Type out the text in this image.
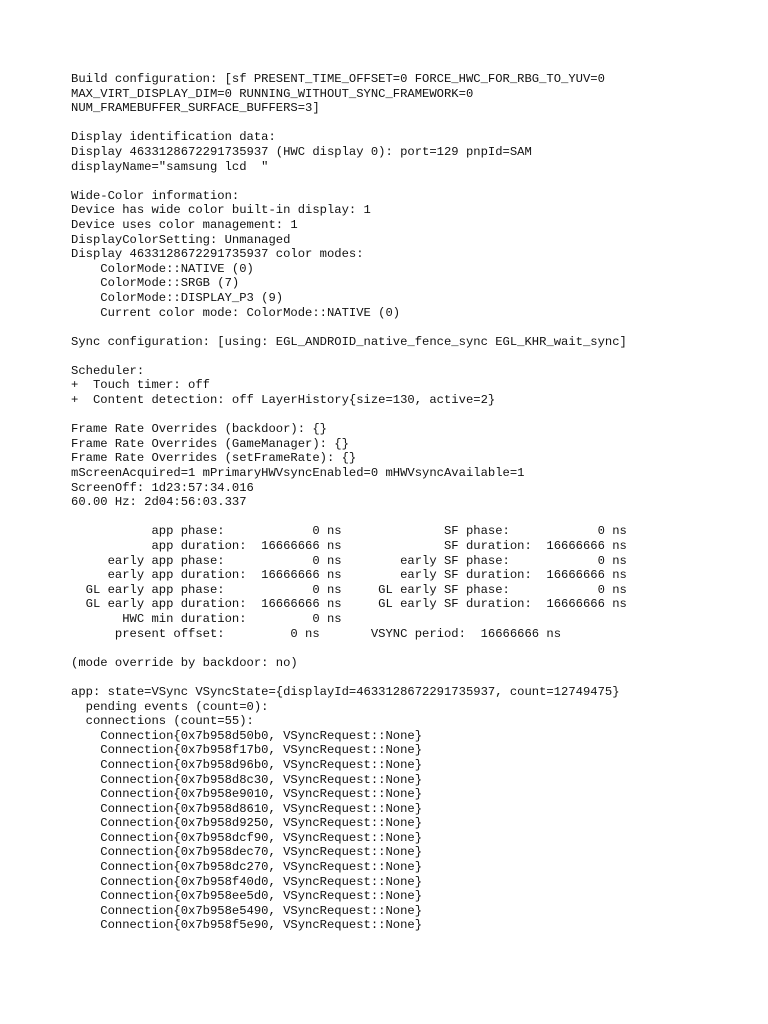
Build configuration: [sf PRESENT_TIME_OFFSET=0 FORCE_HWC_FOR_RBG_TO_YUV=0
MAX_VIRT_DISPLAY_DIM=0 RUNNING_WITHOUT_SYNC_FRAMEWORK=0
NUM_FRAMEBUFFER_SURFACE_BUFFERS=3]

Display identification data:
Display 4633128672291735937 (HWC display 0): port=129 pnpId=SAM
displayName="samsung lcd  "

Wide-Color information:
Device has wide color built-in display: 1
Device uses color management: 1
DisplayColorSetting: Unmanaged
Display 4633128672291735937 color modes:
ColorMode::NATIVE (0)
ColorMode::SRGB (7)
ColorMode::DISPLAY_P3 (9)
Current color mode: ColorMode::NATIVE (0)

Sync configuration: [using: EGL_ANDROID_native_fence_sync EGL_KHR_wait_sync]

Scheduler:
+  Touch timer: off
+  Content detection: off LayerHistory{size=130, active=2}

Frame Rate Overrides (backdoor): {}
Frame Rate Overrides (GameManager): {}
Frame Rate Overrides (setFrameRate): {}
mScreenAcquired=1 mPrimaryHWVsyncEnabled=0 mHWVsyncAvailable=1
ScreenOff: 1d23:57:34.016
60.00 Hz: 2d04:56:03.337

app phase:            0 ns              SF phase:            0 ns
app duration:  16666666 ns              SF duration:  16666666 ns
early app phase:            0 ns        early SF phase:            0 ns
early app duration:  16666666 ns        early SF duration:  16666666 ns
GL early app phase:            0 ns     GL early SF phase:            0 ns
GL early app duration:  16666666 ns     GL early SF duration:  16666666 ns
HWC min duration:         0 ns
present offset:         0 ns       VSYNC period:  16666666 ns

(mode override by backdoor: no)

app: state=VSync VSyncState={displayId=4633128672291735937, count=12749475}
pending events (count=0):
connections (count=55):
Connection{0x7b958d50b0, VSyncRequest::None}
Connection{0x7b958f17b0, VSyncRequest::None}
Connection{0x7b958d96b0, VSyncRequest::None}
Connection{0x7b958d8c30, VSyncRequest::None}
Connection{0x7b958e9010, VSyncRequest::None}
Connection{0x7b958d8610, VSyncRequest::None}
Connection{0x7b958d9250, VSyncRequest::None}
Connection{0x7b958dcf90, VSyncRequest::None}
Connection{0x7b958dec70, VSyncRequest::None}
Connection{0x7b958dc270, VSyncRequest::None}
Connection{0x7b958f40d0, VSyncRequest::None}
Connection{0x7b958ee5d0, VSyncRequest::None}
Connection{0x7b958e5490, VSyncRequest::None}
Connection{0x7b958f5e90, VSyncRequest::None}
